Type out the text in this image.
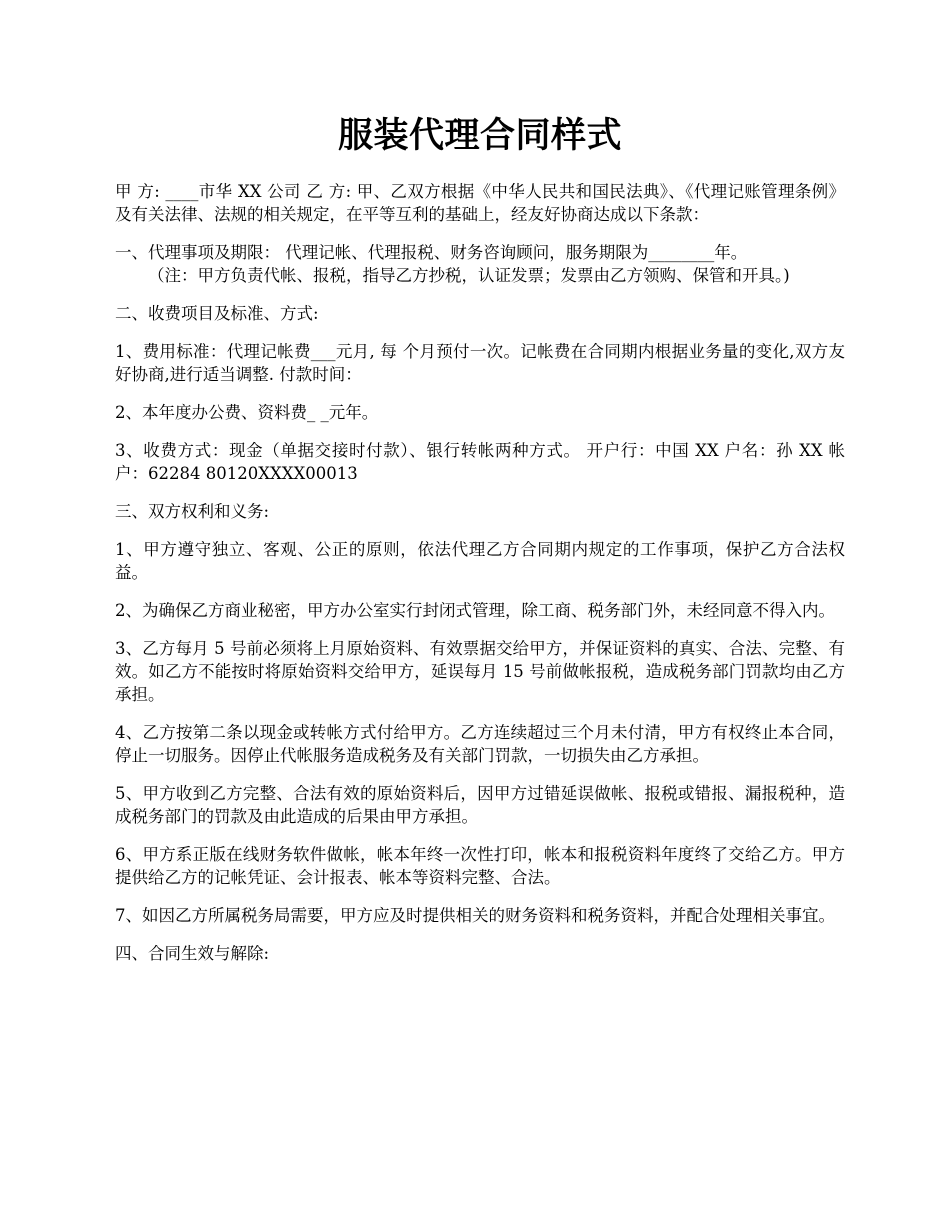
服装代理合同样式

甲 方: ____市华 XX 公司 乙 方: 甲、乙双方根据《中华人民共和国民法典》、《代理记账管理条例》及有关法律、法规的相关规定，在平等互利的基础上，经友好协商达成以下条款：

一、代理事项及期限： 代理记帐、代理报税、财务咨询顾问，服务期限为________年。

（注：甲方负责代帐、报税，指导乙方抄税，认证发票；发票由乙方领购、保管和开具。)

二、收费项目及标准、方式:

1、费用标准：代理记帐费___元月, 每 个月预付一次。记帐费在合同期内根据业务量的变化,双方友好协商,进行适当调整. 付款时间：

2、本年度办公费、资料费_ _元年。

3、收费方式：现金（单据交接时付款）、银行转帐两种方式。 开户行：中国 XX 户名：孙 XX 帐户：62284 80120XXXX00013

三、双方权利和义务:

1、甲方遵守独立、客观、公正的原则，依法代理乙方合同期内规定的工作事项，保护乙方合法权益。

2、为确保乙方商业秘密，甲方办公室实行封闭式管理，除工商、税务部门外，未经同意不得入内。

3、乙方每月 5 号前必须将上月原始资料、有效票据交给甲方，并保证资料的真实、合法、完整、有效。如乙方不能按时将原始资料交给甲方，延误每月 15 号前做帐报税，造成税务部门罚款均由乙方承担。

4、乙方按第二条以现金或转帐方式付给甲方。乙方连续超过三个月未付清，甲方有权终止本合同，停止一切服务。因停止代帐服务造成税务及有关部门罚款，一切损失由乙方承担。

5、甲方收到乙方完整、合法有效的原始资料后，因甲方过错延误做帐、报税或错报、漏报税种，造成税务部门的罚款及由此造成的后果由甲方承担。

6、甲方系正版在线财务软件做帐，帐本年终一次性打印，帐本和报税资料年度终了交给乙方。甲方提供给乙方的记帐凭证、会计报表、帐本等资料完整、合法。

7、如因乙方所属税务局需要，甲方应及时提供相关的财务资料和税务资料，并配合处理相关事宜。

四、合同生效与解除:
